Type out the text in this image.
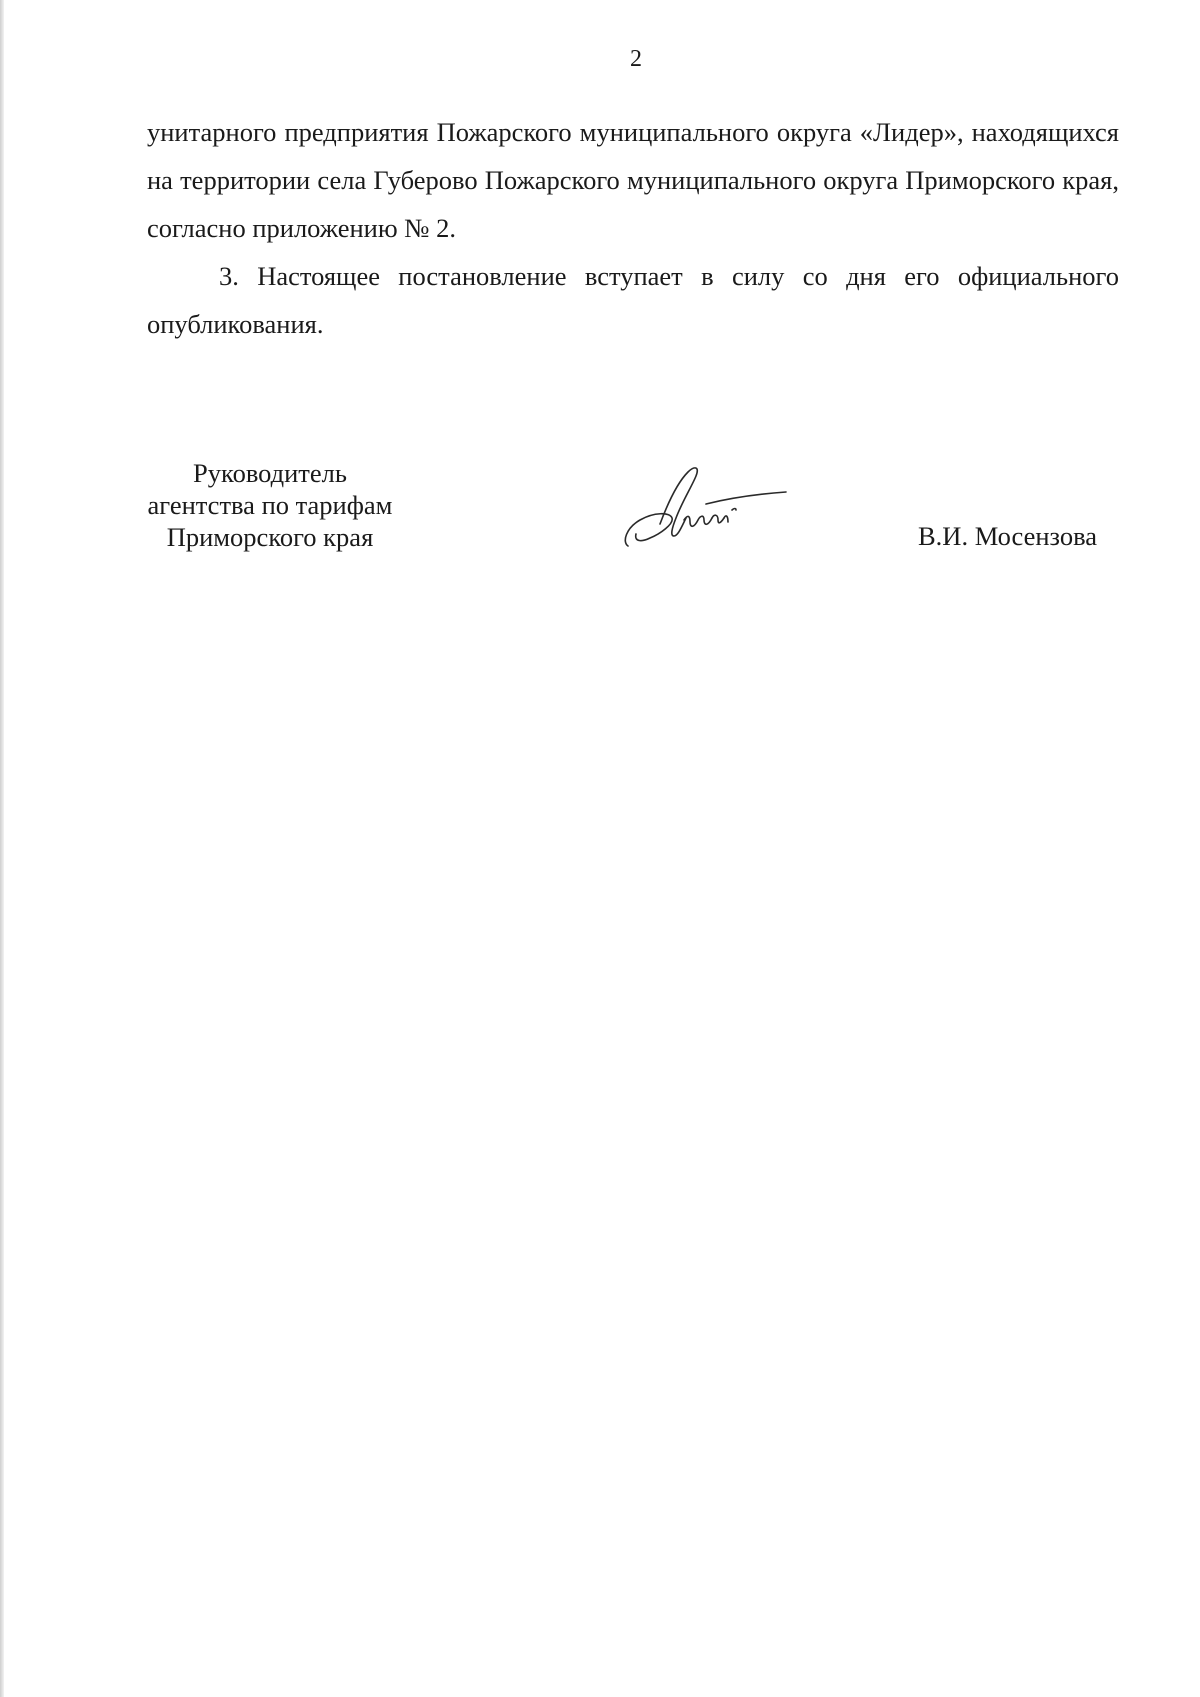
2

унитарного предприятия Пожарского муниципального округа «Лидер», находящихся на территории села Губерово Пожарского муниципального округа Приморского края, согласно приложению № 2.

3. Настоящее постановление вступает в силу со дня его официального опубликования.

Руководитель
агентства по тарифам
Приморского края	В.И. Мосензова
